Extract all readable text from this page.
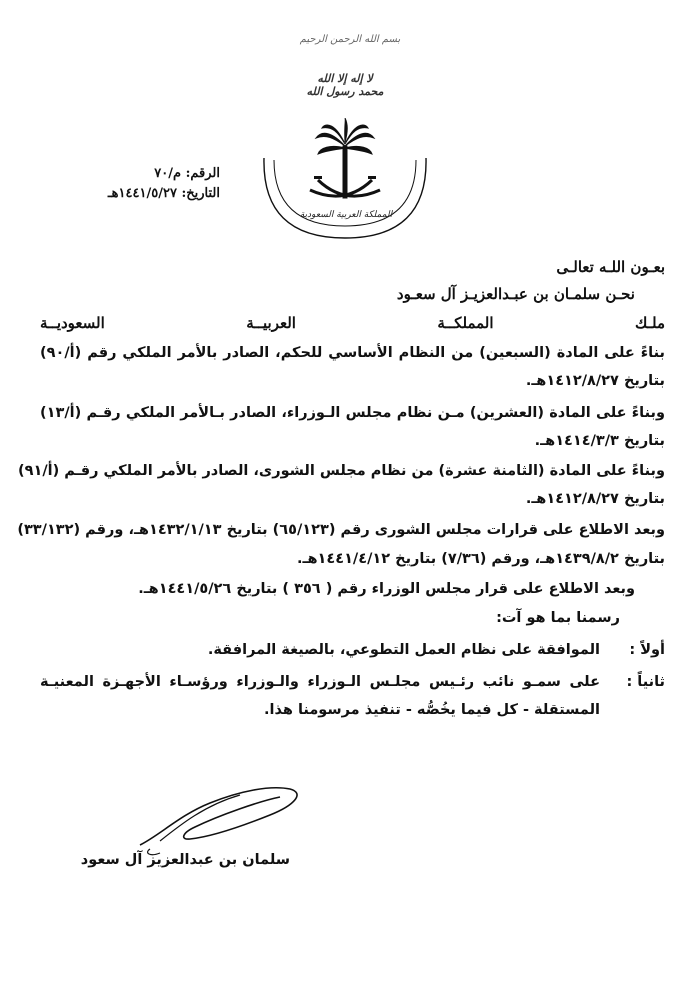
بسم الله الرحمن الرحيم
لا إله إلا الله محمد رسول الله
المملكة العربية السعودية
الرقم: م/٧٠
التاريخ: ١٤٤١/٥/٢٧هـ
بعـون اللـه تعالـى
نحـن سلمـان بن عبـدالعزيـز آل سعـود
ملـك المملكــة العربيــة السعوديــة
بناءً على المادة (السبعين) من النظام الأساسي للحكم، الصادر بالأمر الملكي رقم (أ/٩٠)
بتاريخ ١٤١٢/٨/٢٧هـ.
وبناءً على المادة (العشرين) مـن نظام مجلس الـوزراء، الصادر بـالأمر الملكي رقـم (أ/١٣)
بتاريخ ١٤١٤/٣/٣هـ.
وبناءً على المادة (الثامنة عشرة) من نظام مجلس الشورى، الصادر بالأمر الملكي رقـم (أ/٩١)
بتاريخ ١٤١٢/٨/٢٧هـ.
وبعد الاطلاع على قرارات مجلس الشورى رقم (٦٥/١٢٣) بتاريخ ١٤٣٢/١/١٣هـ، ورقم (٣٣/١٣٢)
بتاريخ ١٤٣٩/٨/٢هـ، ورقم (٧/٣٦) بتاريخ ١٤٤١/٤/١٢هـ.
وبعد الاطلاع على قرار مجلس الوزراء رقم ( ٣٥٦ ) بتاريخ ١٤٤١/٥/٢٦هـ.
رسمنا بما هو آت:
أولاً :
الموافقة على نظام العمل التطوعي، بالصيغة المرافقة.
ثانياً :
على سمـو نائب رئـيس مجلـس الـوزراء والـوزراء ورؤسـاء الأجهـزة المعنيـة
المستقلة - كل فيما يخُصُّه - تنفيذ مرسومنا هذا.
سلمان بن عبدالعزيز آل سعود
